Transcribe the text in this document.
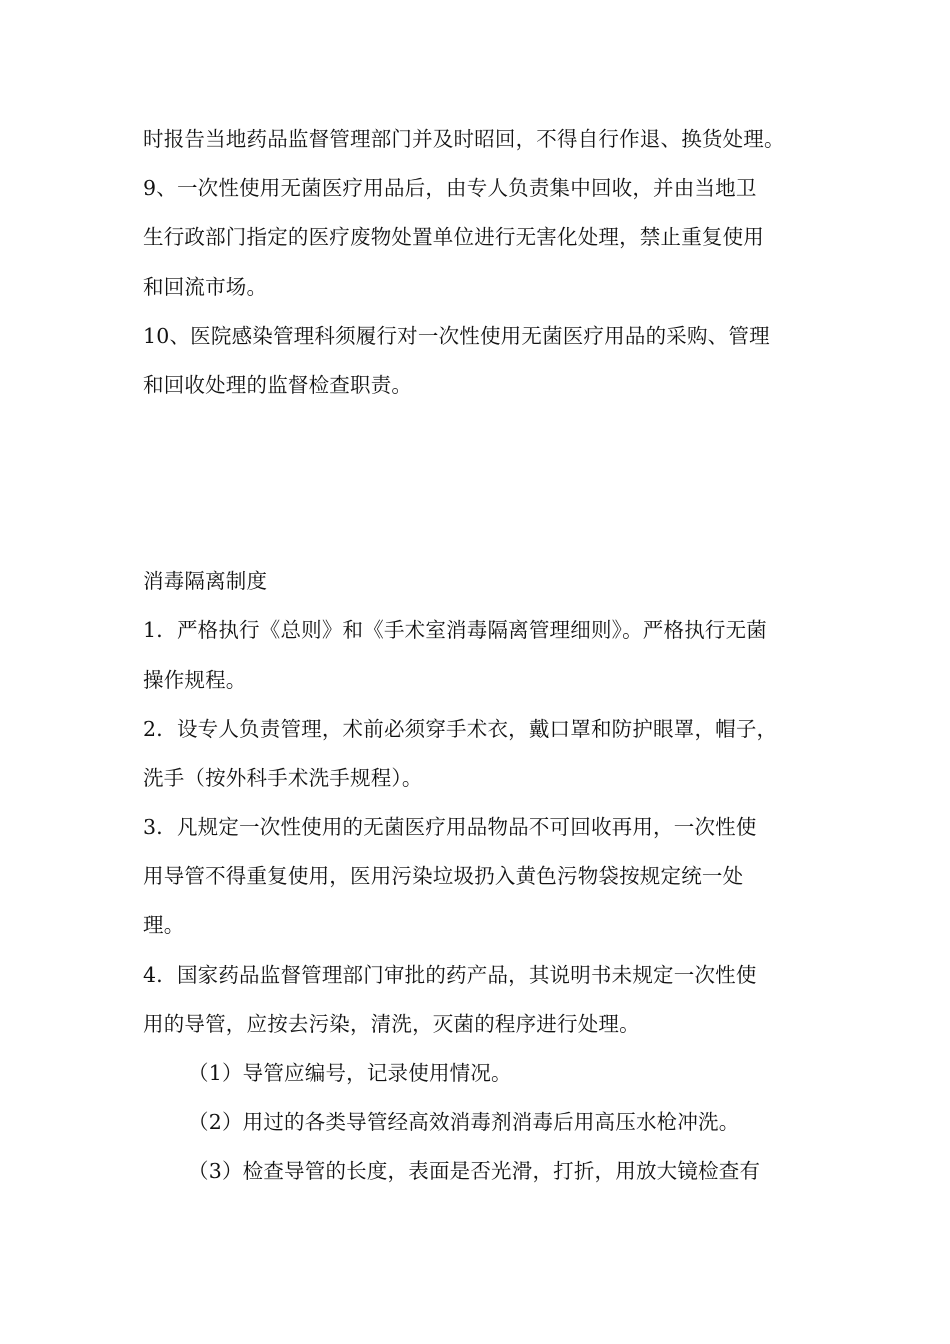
时报告当地药品监督管理部门并及时昭回，不得自行作退、换货处理。
9、一次性使用无菌医疗用品后，由专人负责集中回收，并由当地卫
生行政部门指定的医疗废物处置单位进行无害化处理，禁止重复使用
和回流市场。
10、医院感染管理科须履行对一次性使用无菌医疗用品的采购、管理
和回收处理的监督检查职责。
消毒隔离制度
1．严格执行《总则》和《手术室消毒隔离管理细则》。严格执行无菌
操作规程。
2．设专人负责管理，术前必须穿手术衣，戴口罩和防护眼罩，帽子，
洗手（按外科手术洗手规程）。
3．凡规定一次性使用的无菌医疗用品物品不可回收再用，一次性使
用导管不得重复使用，医用污染垃圾扔入黄色污物袋按规定统一处
理。
4．国家药品监督管理部门审批的药产品，其说明书未规定一次性使
用的导管，应按去污染，清洗，灭菌的程序进行处理。
（1）导管应编号，记录使用情况。
（2）用过的各类导管经高效消毒剂消毒后用高压水枪冲洗。
（3）检查导管的长度，表面是否光滑，打折，用放大镜检查有
